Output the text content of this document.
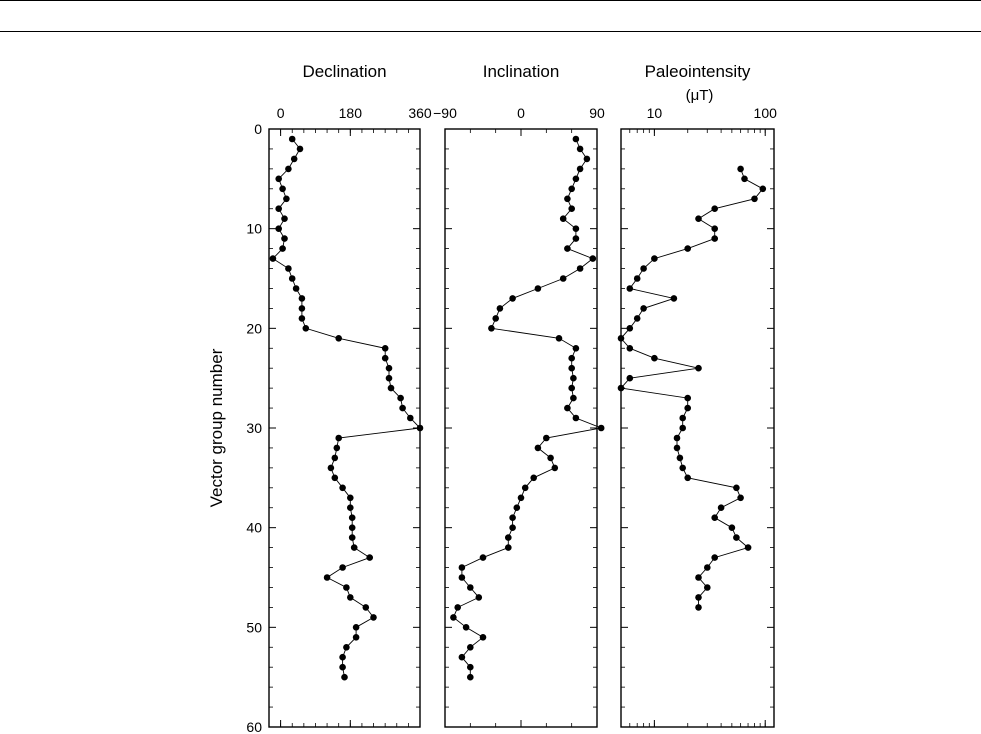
Vector group number
Declination
0	180	360
0
10
20
30
40
50
60
Inclination
−90	0	90
Paleointensity
(μT)
10	100
